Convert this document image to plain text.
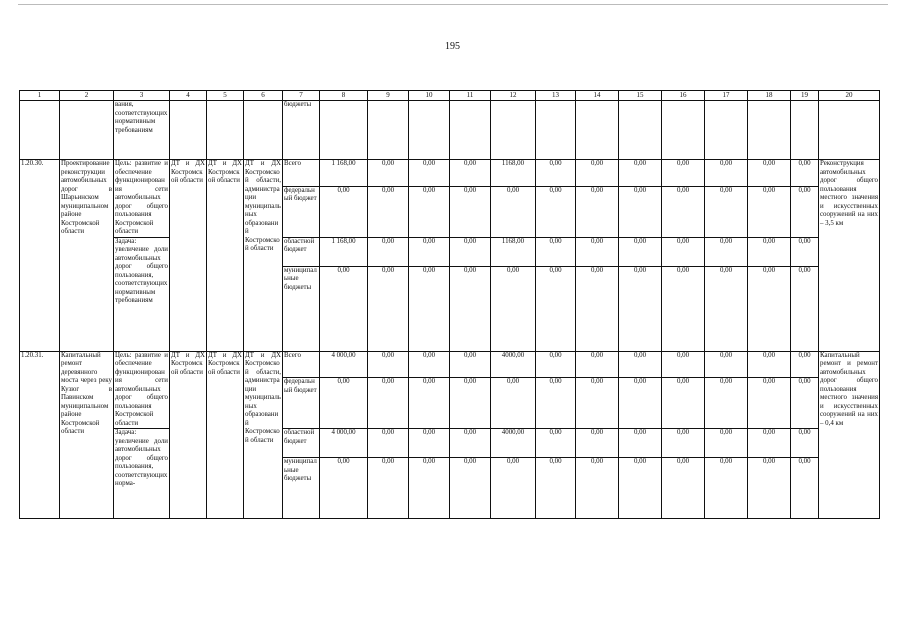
195
1	2	3	4	5	6	7	8	9	10	11	12	13	14	15	16	17	18	19	20
		вания, соответствующих нормативным требованиям				бюджеты													
1.20.30.	Проектирование реконструкции автомобильных дорог в Шарьинском муниципальном районе Костромской области	Цель: развитие и обеспечение функционирования сети автомобильных дорог общего пользования Костромской области	ДТ и ДХ Костромской области	ДТ и ДХ Костромской области	ДТ и ДХ Костромской области, администрации муниципальных образований Костромской области	Всего	1 168,00	0,00	0,00	0,00	1168,00	0,00	0,00	0,00	0,00	0,00	0,00	0,00	Реконструкция автомобильных дорог общего пользования местного значения и искусственных сооружений на них – 3,5 км
						федеральный бюджет	0,00	0,00	0,00	0,00	0,00	0,00	0,00	0,00	0,00	0,00	0,00	0,00	
		Задача: увеличение доли автомобильных дорог общего пользования, соответствующих нормативным требованиям				областной бюджет	1 168,00	0,00	0,00	0,00	1168,00	0,00	0,00	0,00	0,00	0,00	0,00	0,00	
						муниципальные бюджеты	0,00	0,00	0,00	0,00	0,00	0,00	0,00	0,00	0,00	0,00	0,00	0,00	
1.20.31.	Капитальный ремонт деревянного моста через реку Кузюг в Павинском муниципальном районе Костромской области	Цель: развитие и обеспечение функционирования сети автомобильных дорог общего пользования Костромской области	ДТ и ДХ Костромской области	ДТ и ДХ Костромской области	ДТ и ДХ Костромской области, администрации муниципальных образований Костромской области	Всего	4 000,00	0,00	0,00	0,00	4000,00	0,00	0,00	0,00	0,00	0,00	0,00	0,00	Капитальный ремонт и ремонт автомобильных дорог общего пользования местного значения и искусственных сооружений на них – 0,4 км
						федеральный бюджет	0,00	0,00	0,00	0,00	0,00	0,00	0,00	0,00	0,00	0,00	0,00	0,00	
		Задача: увеличение доли автомобильных дорог общего пользования, соответствующих норма-				областной бюджет	4 000,00	0,00	0,00	0,00	4000,00	0,00	0,00	0,00	0,00	0,00	0,00	0,00	
						муниципальные бюджеты	0,00	0,00	0,00	0,00	0,00	0,00	0,00	0,00	0,00	0,00	0,00	0,00	
